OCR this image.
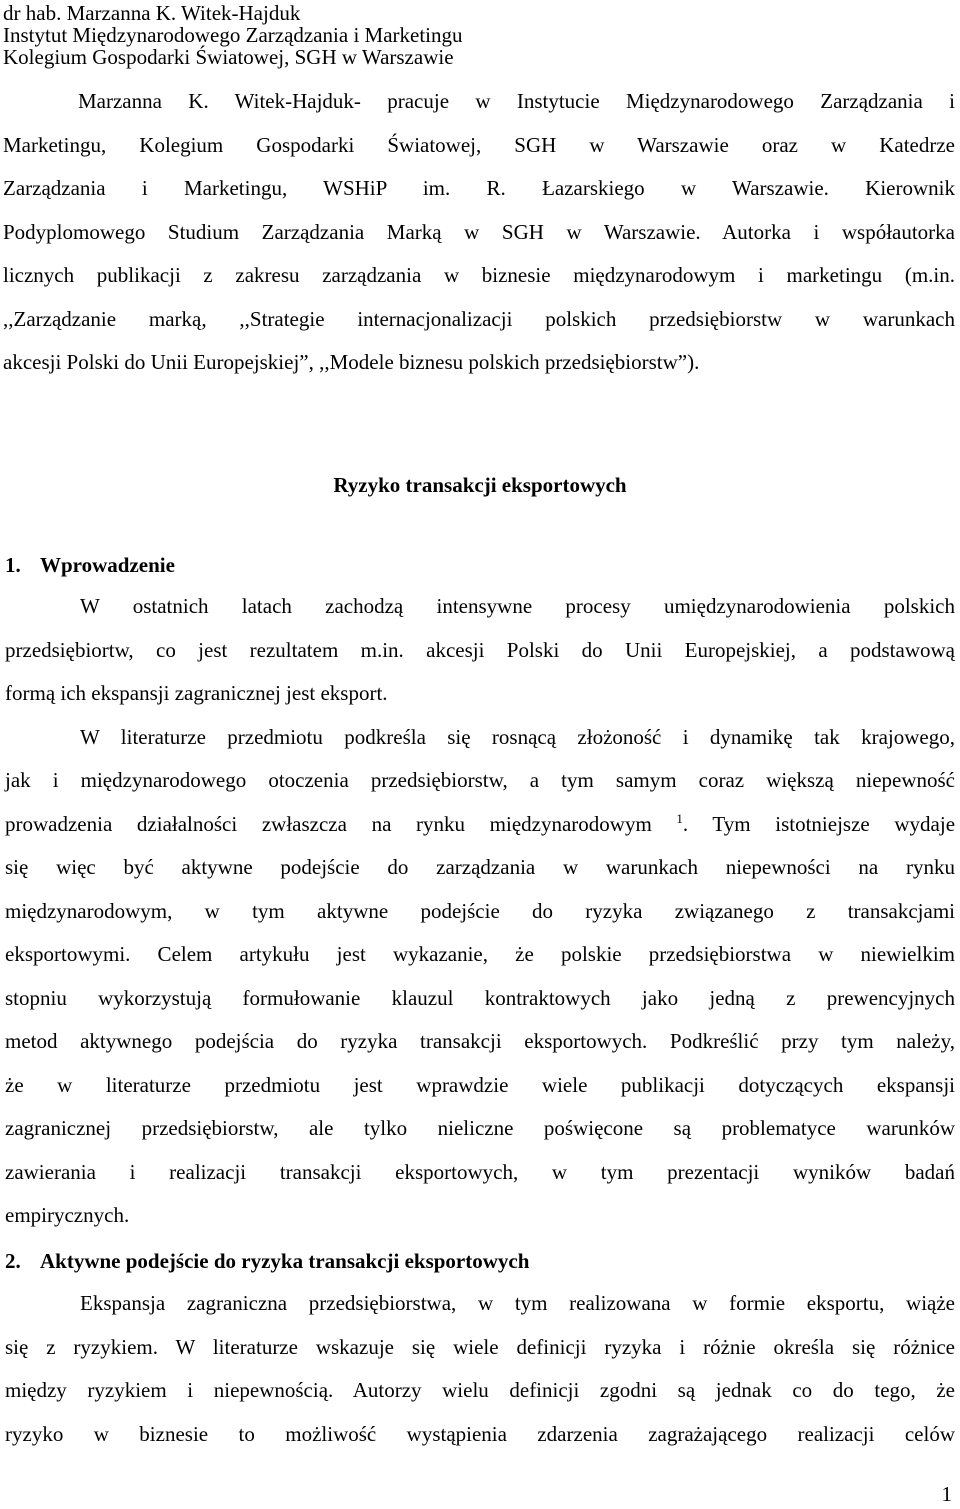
dr hab. Marzanna K. Witek-Hajduk
Instytut Międzynarodowego Zarządzania i Marketingu
Kolegium Gospodarki Światowej, SGH w Warszawie
Marzanna K. Witek-Hajduk- pracuje w Instytucie Międzynarodowego Zarządzania i
Marketingu, Kolegium Gospodarki Światowej, SGH w Warszawie oraz w Katedrze
Zarządzania i Marketingu, WSHiP im. R. Łazarskiego w Warszawie. Kierownik
Podyplomowego Studium Zarządzania Marką w SGH w Warszawie. Autorka i współautorka
licznych publikacji z zakresu zarządzania w biznesie międzynarodowym i marketingu (m.in.
,,Zarządzanie marką, ,,Strategie internacjonalizacji polskich przedsiębiorstw w warunkach
akcesji Polski do Unii Europejskiej”, ,,Modele biznesu polskich przedsiębiorstw”).
Ryzyko transakcji eksportowych
1. Wprowadzenie
W ostatnich latach zachodzą intensywne procesy umiędzynarodowienia polskich
przedsiębiortw, co jest rezultatem m.in. akcesji Polski do Unii Europejskiej, a podstawową
formą ich ekspansji zagranicznej jest eksport.
W literaturze przedmiotu podkreśla się rosnącą złożoność i dynamikę tak krajowego,
jak i międzynarodowego otoczenia przedsiębiorstw, a tym samym coraz większą niepewność
prowadzenia działalności zwłaszcza na rynku międzynarodowym $^1$. Tym istotniejsze wydaje
się więc być aktywne podejście do zarządzania w warunkach niepewności na rynku
międzynarodowym, w tym aktywne podejście do ryzyka związanego z transakcjami
eksportowymi. Celem artykułu jest wykazanie, że polskie przedsiębiorstwa w niewielkim
stopniu wykorzystują formułowanie klauzul kontraktowych jako jedną z prewencyjnych
metod aktywnego podejścia do ryzyka transakcji eksportowych. Podkreślić przy tym należy,
że w literaturze przedmiotu jest wprawdzie wiele publikacji dotyczących ekspansji
zagranicznej przedsiębiorstw, ale tylko nieliczne poświęcone są problematyce warunków
zawierania i realizacji transakcji eksportowych, w tym prezentacji wyników badań
empirycznych.
2. Aktywne podejście do ryzyka transakcji eksportowych
Ekspansja zagraniczna przedsiębiorstwa, w tym realizowana w formie eksportu, wiąże
się z ryzykiem. W literaturze wskazuje się wiele definicji ryzyka i różnie określa się różnice
między ryzykiem i niepewnością. Autorzy wielu definicji zgodni są jednak co do tego, że
ryzyko w biznesie to możliwość wystąpienia zdarzenia zagrażającego realizacji celów
1
